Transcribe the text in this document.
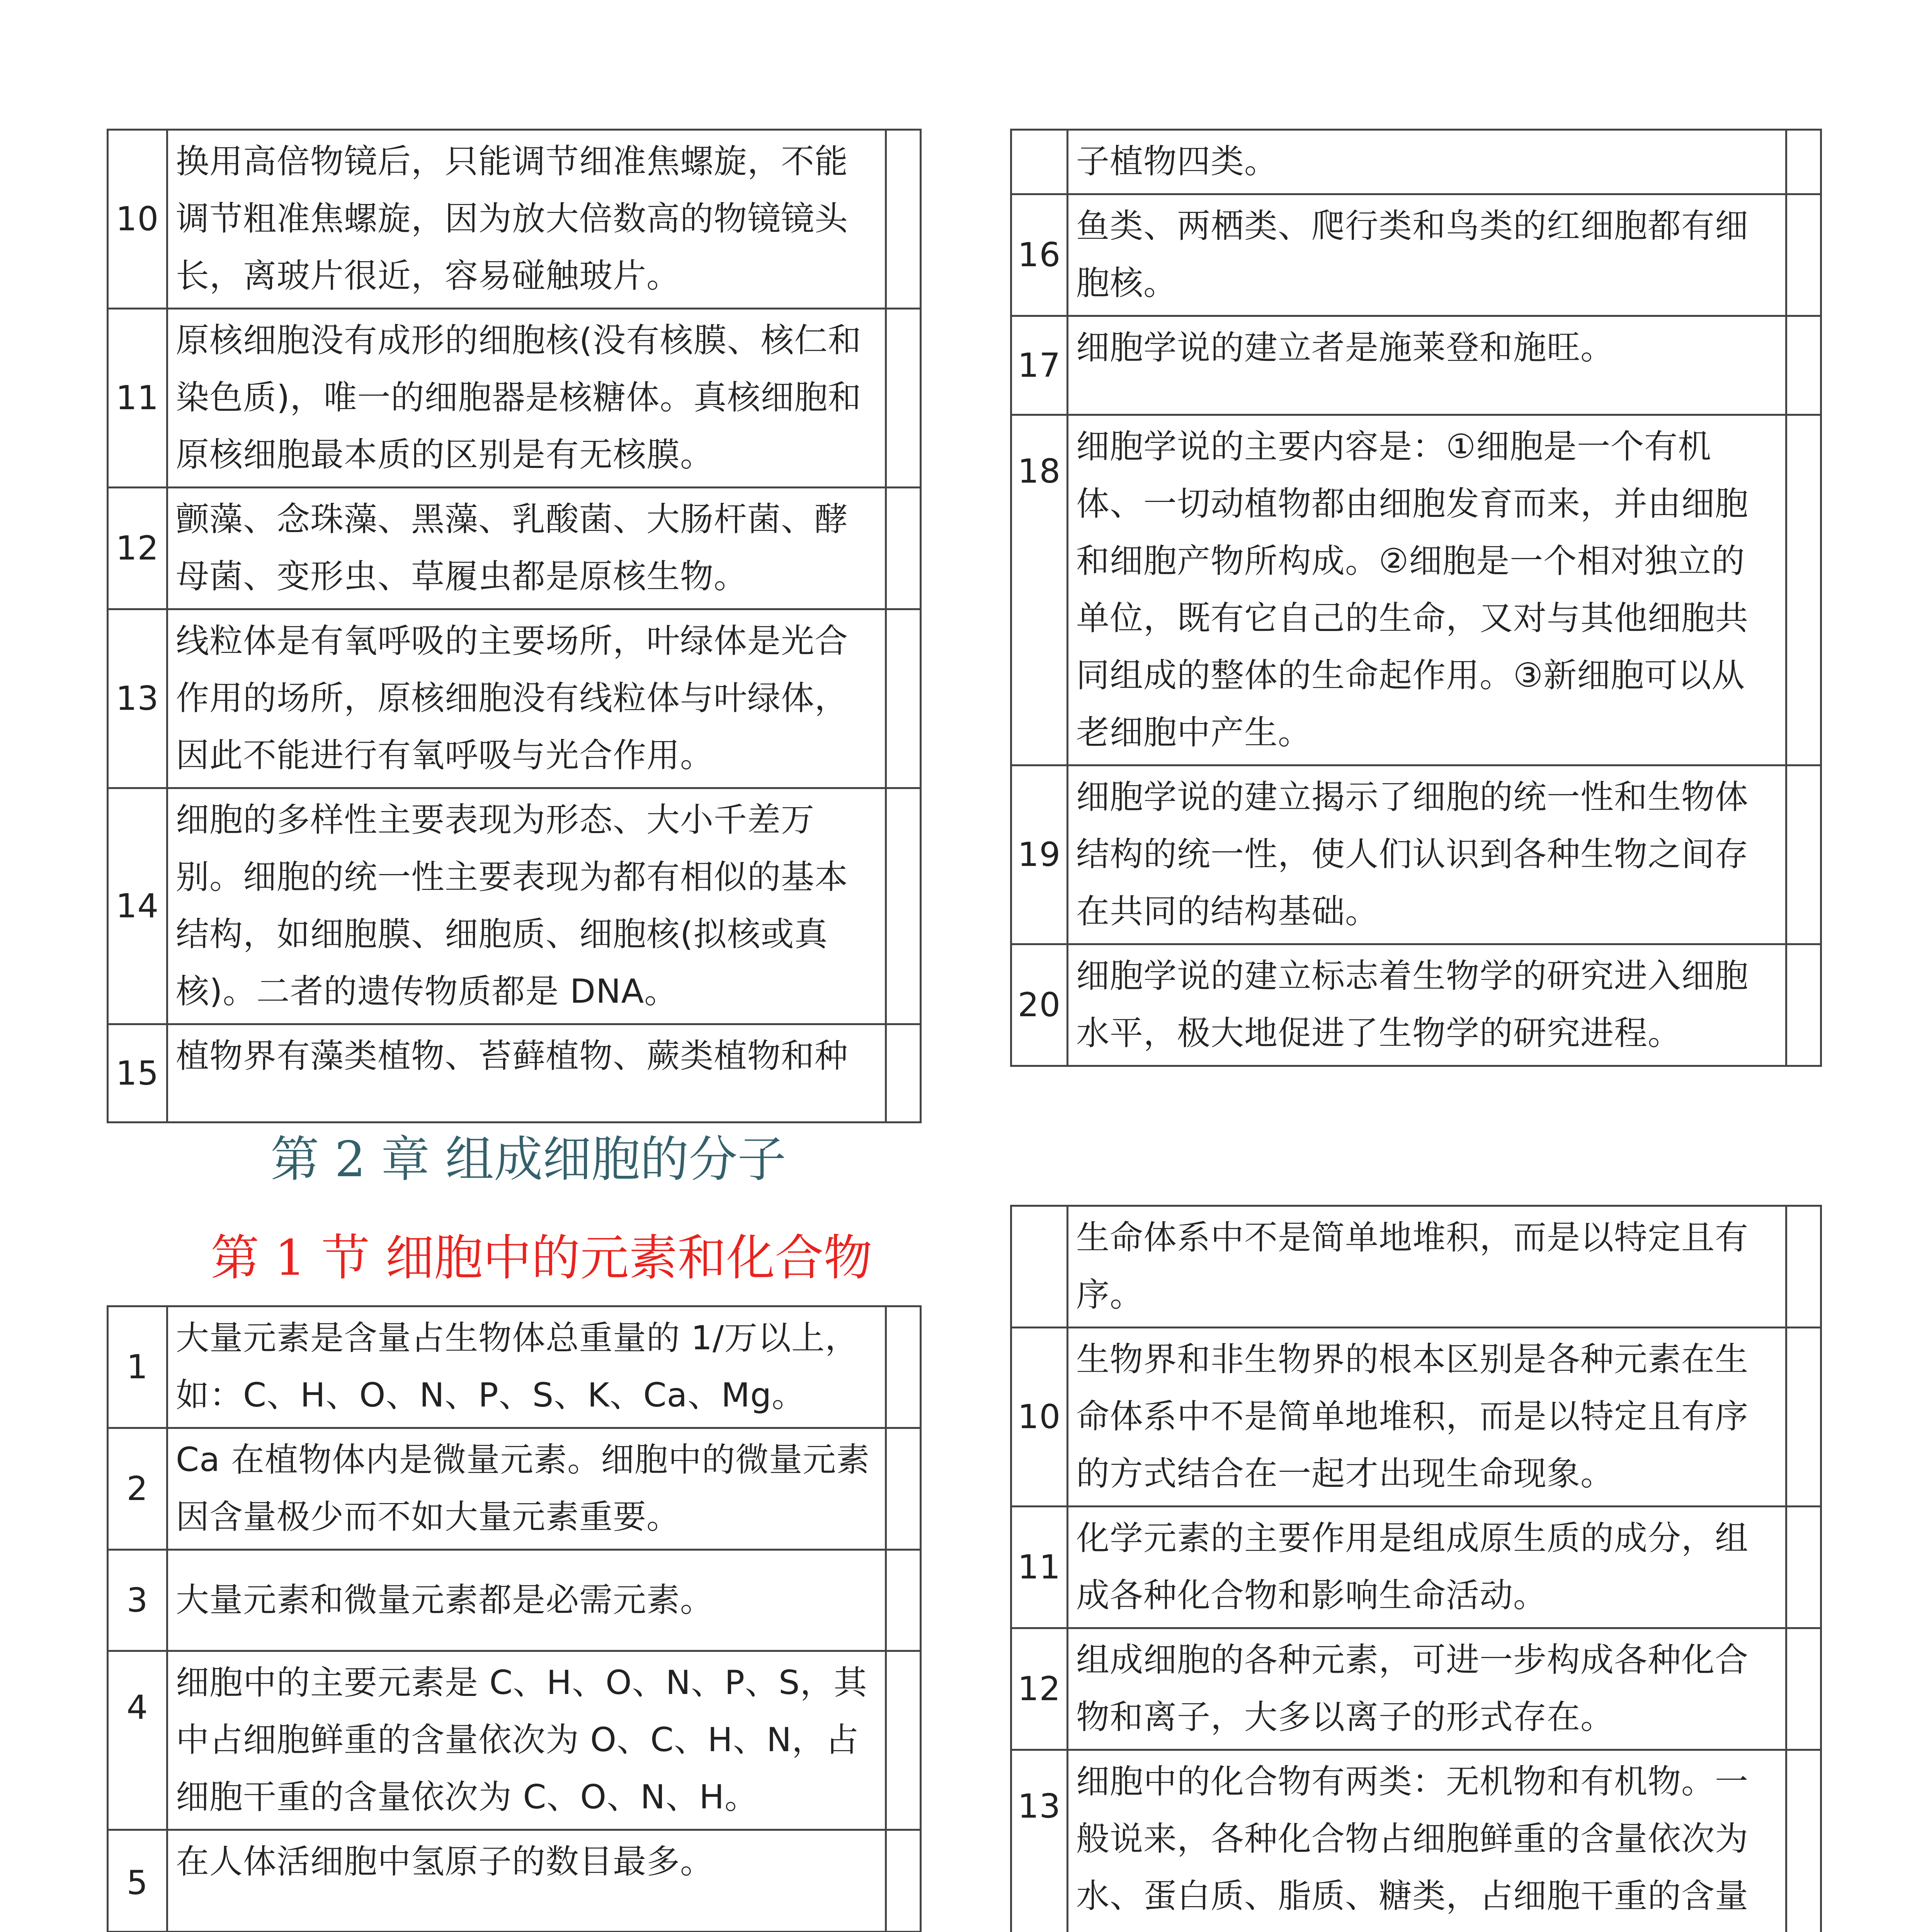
10	换用高倍物镜后，只能调节细准焦螺旋，不能调节粗准焦螺旋，因为放大倍数高的物镜镜头长，离玻片很近，容易碰触玻片。	
11	原核细胞没有成形的细胞核(没有核膜、核仁和染色质)，唯一的细胞器是核糖体。真核细胞和原核细胞最本质的区别是有无核膜。	
12	颤藻、念珠藻、黑藻、乳酸菌、大肠杆菌、酵母菌、变形虫、草履虫都是原核生物。	
13	线粒体是有氧呼吸的主要场所，叶绿体是光合作用的场所，原核细胞没有线粒体与叶绿体，因此不能进行有氧呼吸与光合作用。	
14	细胞的多样性主要表现为形态、大小千差万别。细胞的统一性主要表现为都有相似的基本结构，如细胞膜、细胞质、细胞核(拟核或真核)。二者的遗传物质都是 DNA。	
15	植物界有藻类植物、苔藓植物、蕨类植物和种	
	子植物四类。	
16	鱼类、两栖类、爬行类和鸟类的红细胞都有细胞核。	
17	细胞学说的建立者是施莱登和施旺。	
18	细胞学说的主要内容是：①细胞是一个有机体、一切动植物都由细胞发育而来，并由细胞和细胞产物所构成。②细胞是一个相对独立的单位，既有它自己的生命，又对与其他细胞共同组成的整体的生命起作用。③新细胞可以从老细胞中产生。	
19	细胞学说的建立揭示了细胞的统一性和生物体结构的统一性，使人们认识到各种生物之间存在共同的结构基础。	
20	细胞学说的建立标志着生物学的研究进入细胞水平，极大地促进了生物学的研究进程。	
第 2 章 组成细胞的分子
第 1 节 细胞中的元素和化合物
1	大量元素是含量占生物体总重量的 1/万以上，如：C、H、O、N、P、S、K、Ca、Mg。	
2	Ca 在植物体内是微量元素。细胞中的微量元素因含量极少而不如大量元素重要。	
3	大量元素和微量元素都是必需元素。	
4	细胞中的主要元素是 C、H、O、N、P、S，其中占细胞鲜重的含量依次为 O、C、H、N，占细胞干重的含量依次为 C、O、N、H。	
5	在人体活细胞中氢原子的数目最多。	

	生命体系中不是简单地堆积，而是以特定且有序。	
10	生物界和非生物界的根本区别是各种元素在生命体系中不是简单地堆积，而是以特定且有序的方式结合在一起才出现生命现象。	
11	化学元素的主要作用是组成原生质的成分，组成各种化合物和影响生命活动。	
12	组成细胞的各种元素，可进一步构成各种化合物和离子，大多以离子的形式存在。	
13	细胞中的化合物有两类：无机物和有机物。一般说来，各种化合物占细胞鲜重的含量依次为水、蛋白质、脂质、糖类，占细胞干重的含量	
